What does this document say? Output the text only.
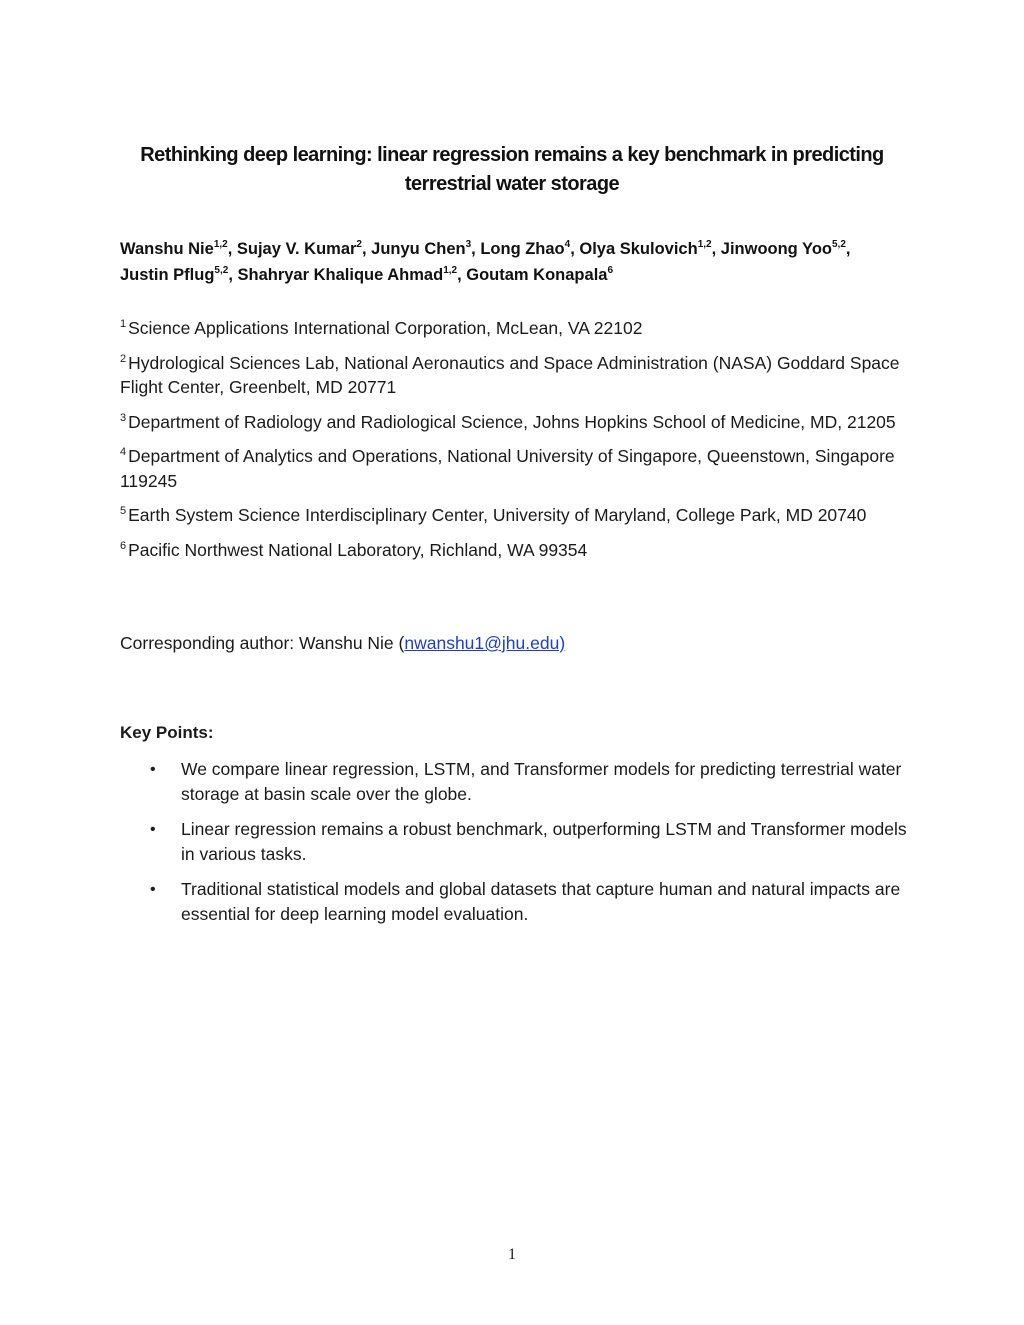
Rethinking deep learning: linear regression remains a key benchmark in predicting
terrestrial water storage
Wanshu Nie$^{1,2}$, Sujay V. Kumar$^2$, Junyu Chen$^3$, Long Zhao$^4$, Olya Skulovich$^{1,2}$, Jinwoong Yoo$^{5,2}$,
Justin Pflug$^{5,2}$, Shahryar Khalique Ahmad$^{1,2}$, Goutam Konapala$^6$

$^1$ Science Applications International Corporation, McLean, VA 22102

$^2$ Hydrological Sciences Lab, National Aeronautics and Space Administration (NASA) Goddard Space Flight Center, Greenbelt, MD 20771

$^3$ Department of Radiology and Radiological Science, Johns Hopkins School of Medicine, MD, 21205

$^4$ Department of Analytics and Operations, National University of Singapore, Queenstown, Singapore 119245

$^5$ Earth System Science Interdisciplinary Center, University of Maryland, College Park, MD 20740

$^6$ Pacific Northwest National Laboratory, Richland, WA 99354

Corresponding author: Wanshu Nie (nwanshu1@jhu.edu)
Key Points:
• We compare linear regression, LSTM, and Transformer models for predicting terrestrial water storage at basin scale over the globe.
• Linear regression remains a robust benchmark, outperforming LSTM and Transformer models in various tasks.
• Traditional statistical models and global datasets that capture human and natural impacts are essential for deep learning model evaluation.
1
